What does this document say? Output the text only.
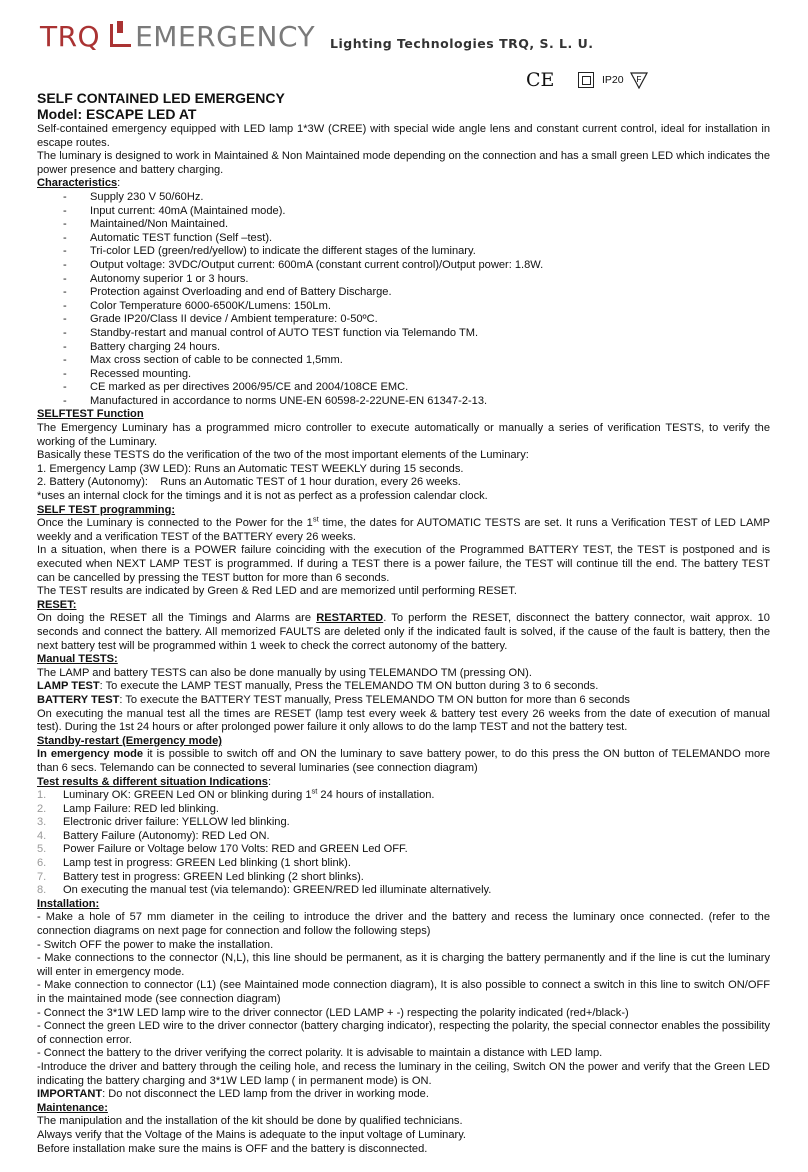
TRQ EMERGENCY Lighting Technologies TRQ, S. L. U.
CE	IP20 F
SELF CONTAINED LED EMERGENCY
Model: ESCAPE LED AT

Self-contained emergency equipped with LED lamp 1*3W (CREE) with special wide angle lens and constant current control, ideal for installation in escape routes.

The luminary is designed to work in Maintained & Non Maintained mode depending on the connection and has a small green LED which indicates the power presence and battery charging.

Characteristics:

- Supply 230 V 50/60Hz.
- Input current: 40mA (Maintained mode).
- Maintained/Non Maintained.
- Automatic TEST function (Self –test).
- Tri-color LED (green/red/yellow) to indicate the different stages of the luminary.
- Output voltage: 3VDC/Output current: 600mA (constant current control)/Output power: 1.8W.
- Autonomy superior 1 or 3 hours.
- Protection against Overloading and end of Battery Discharge.
- Color Temperature 6000-6500K/Lumens: 150Lm.
- Grade IP20/Class II device / Ambient temperature: 0-50ºC.
- Standby-restart and manual control of AUTO TEST function via Telemando TM.
- Battery charging 24 hours.
- Max cross section of cable to be connected 1,5mm.
- Recessed mounting.
- CE marked as per directives 2006/95/CE and 2004/108CE EMC.
- Manufactured in accordance to norms UNE-EN 60598-2-22UNE-EN 61347-2-13.

SELFTEST Function

The Emergency Luminary has a programmed micro controller to execute automatically or manually a series of verification TESTS, to verify the working of the Luminary.

Basically these TESTS do the verification of the two of the most important elements of the Luminary:

1. Emergency Lamp (3W LED): Runs an Automatic TEST WEEKLY during 15 seconds.

2. Battery (Autonomy):    Runs an Automatic TEST of 1 hour duration, every 26 weeks.

*uses an internal clock for the timings and it is not as perfect as a profession calendar clock.

SELF TEST programming:

Once the Luminary is connected to the Power for the 1st time, the dates for AUTOMATIC TESTS are set. It runs a Verification TEST of LED LAMP weekly and a verification TEST of the BATTERY every 26 weeks.

In a situation, when there is a POWER failure coinciding with the execution of the Programmed BATTERY TEST, the TEST is postponed and is executed when NEXT LAMP TEST is programmed. If during a TEST there is a power failure, the TEST will continue till the end. The battery TEST can be cancelled by pressing the TEST button for more than 6 seconds.

The TEST results are indicated by Green & Red LED and are memorized until performing RESET.

RESET:

On doing the RESET all the Timings and Alarms are RESTARTED. To perform the RESET, disconnect the battery connector, wait approx. 10 seconds and connect the battery. All memorized FAULTS are deleted only if the indicated fault is solved, if the cause of the fault is battery, then the next battery test will be programmed within 1 week to check the correct autonomy of the battery.

Manual TESTS:

The LAMP and battery TESTS can also be done manually by using TELEMANDO TM (pressing ON).

LAMP TEST: To execute the LAMP TEST manually, Press the TELEMANDO TM ON button during 3 to 6 seconds.

BATTERY TEST: To execute the BATTERY TEST manually, Press TELEMANDO TM ON button for more than 6 seconds

On executing the manual test all the times are RESET (lamp test every week & battery test every 26 weeks from the date of execution of manual test). During the 1st 24 hours or after prolonged power failure it only allows to do the lamp TEST and not the battery test.

Standby-restart (Emergency mode)

In emergency mode it is possible to switch off and ON the luminary to save battery power, to do this press the ON button of TELEMANDO more than 6 secs. Telemando can be connected to several luminaries (see connection diagram)

Test results & different situation Indications:

1. Luminary OK: GREEN Led ON or blinking during 1st 24 hours of installation.
2. Lamp Failure: RED led blinking.
3. Electronic driver failure: YELLOW led blinking.
4. Battery Failure (Autonomy): RED Led ON.
5. Power Failure or Voltage below 170 Volts: RED and GREEN Led OFF.
6. Lamp test in progress: GREEN Led blinking (1 short blink).
7. Battery test in progress: GREEN Led blinking (2 short blinks).
8. On executing the manual test (via telemando): GREEN/RED led illuminate alternatively.

Installation:

- Make a hole of 57 mm diameter in the ceiling to introduce the driver and the battery and recess the luminary once connected. (refer to the connection diagrams on next page for connection and follow the following steps)

- Switch OFF the power to make the installation.

- Make connections to the connector (N,L), this line should be permanent, as it is charging the battery permanently and if the line is cut the luminary will enter in emergency mode.

- Make connection to connector (L1) (see Maintained mode connection diagram), It is also possible to connect a switch in this line to switch ON/OFF in the maintained mode (see connection diagram)

- Connect the 3*1W LED lamp wire to the driver connector (LED LAMP + -) respecting the polarity indicated (red+/black-)

- Connect the green LED wire to the driver connector (battery charging indicator), respecting the polarity, the special connector enables the possibility of connection error.

- Connect the battery to the driver verifying the correct polarity. It is advisable to maintain a distance with LED lamp.

-Introduce the driver and battery through the ceiling hole, and recess the luminary in the ceiling, Switch ON the power and verify that the Green LED indicating the battery charging and 3*1W LED lamp ( in permanent mode) is ON.

IMPORTANT: Do not disconnect the LED lamp from the driver in working mode.

Maintenance:

The manipulation and the installation of the kit should be done by qualified technicians.

Always verify that the Voltage of the Mains is adequate to the input voltage of Luminary.

Before installation make sure the mains is OFF and the battery is disconnected.
